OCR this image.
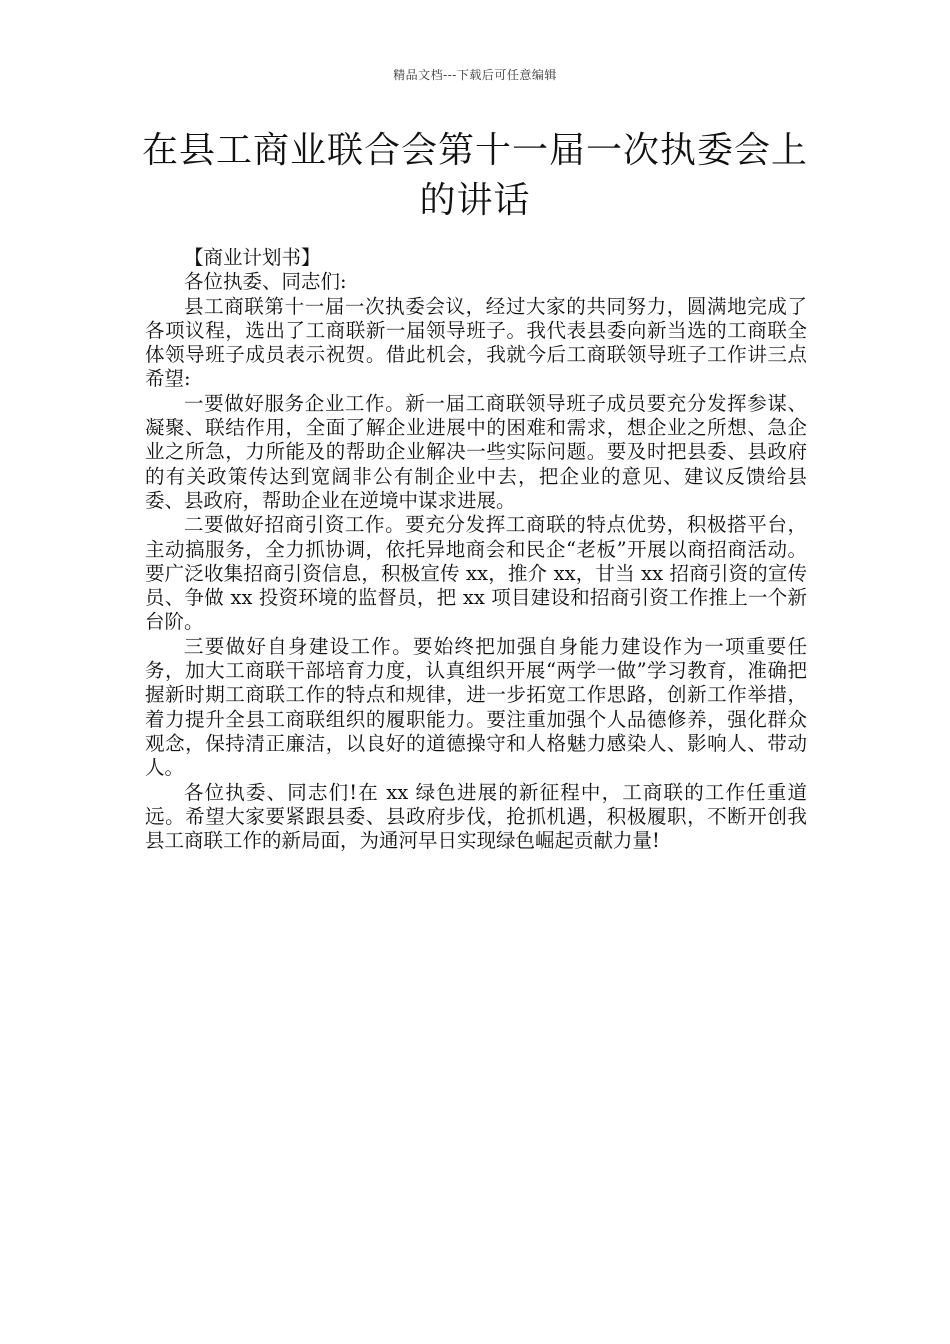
精品文档---下载后可任意编辑
在县工商业联合会第十一届一次执委会上的讲话

【商业计划书】

各位执委、同志们:

县工商联第十一届一次执委会议，经过大家的共同努力，圆满地完成了各项议程，选出了工商联新一届领导班子。我代表县委向新当选的工商联全体领导班子成员表示祝贺。借此机会，我就今后工商联领导班子工作讲三点希望:

一要做好服务企业工作。新一届工商联领导班子成员要充分发挥参谋、凝聚、联结作用，全面了解企业进展中的困难和需求，想企业之所想、急企业之所急，力所能及的帮助企业解决一些实际问题。要及时把县委、县政府的有关政策传达到宽阔非公有制企业中去，把企业的意见、建议反馈给县委、县政府，帮助企业在逆境中谋求进展。

二要做好招商引资工作。要充分发挥工商联的特点优势，积极搭平台，主动搞服务，全力抓协调，依托异地商会和民企“老板”开展以商招商活动。要广泛收集招商引资信息，积极宣传 xx，推介 xx，甘当 xx 招商引资的宣传员、争做 xx 投资环境的监督员，把 xx 项目建设和招商引资工作推上一个新台阶。

三要做好自身建设工作。要始终把加强自身能力建设作为一项重要任务，加大工商联干部培育力度，认真组织开展“两学一做”学习教育，准确把握新时期工商联工作的特点和规律，进一步拓宽工作思路，创新工作举措，着力提升全县工商联组织的履职能力。要注重加强个人品德修养，强化群众观念，保持清正廉洁，以良好的道德操守和人格魅力感染人、影响人、带动人。

各位执委、同志们!在 xx 绿色进展的新征程中，工商联的工作任重道远。希望大家要紧跟县委、县政府步伐，抢抓机遇，积极履职，不断开创我县工商联工作的新局面，为通河早日实现绿色崛起贡献力量!
